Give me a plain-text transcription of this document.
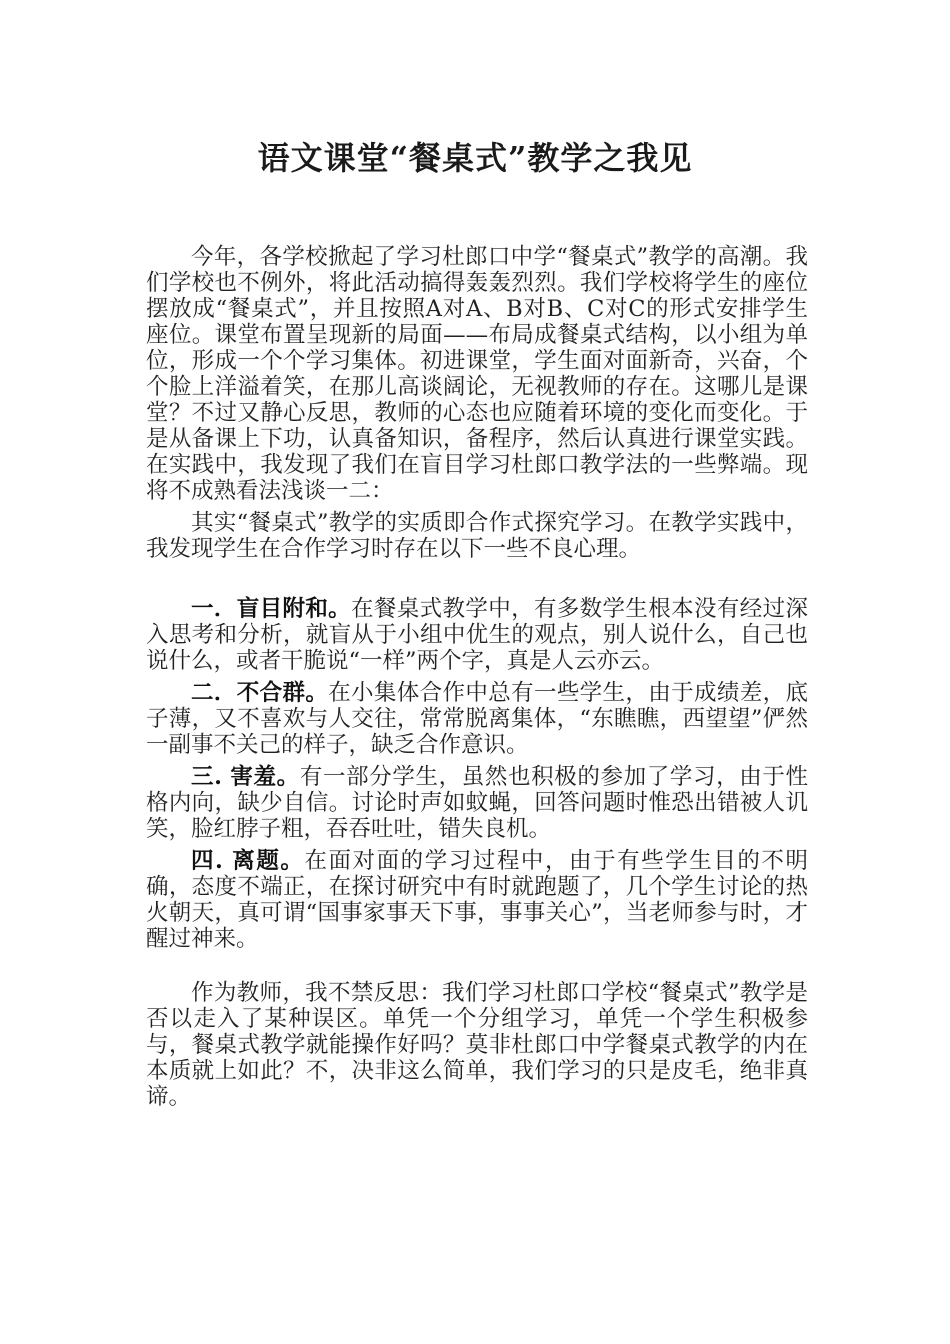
语文课堂“餐桌式”教学之我见

今年，各学校掀起了学习杜郎口中学“餐桌式”教学的高潮。我们学校也不例外，将此活动搞得轰轰烈烈。我们学校将学生的座位摆放成“餐桌式”，并且按照A对A、B对B、C对C的形式安排学生座位。课堂布置呈现新的局面——布局成餐桌式结构，以小组为单位，形成一个个学习集体。初进课堂，学生面对面新奇，兴奋，个个脸上洋溢着笑，在那儿高谈阔论，无视教师的存在。这哪儿是课堂？不过又静心反思，教师的心态也应随着环境的变化而变化。于是从备课上下功，认真备知识，备程序，然后认真进行课堂实践。在实践中，我发现了我们在盲目学习杜郎口教学法的一些弊端。现将不成熟看法浅谈一二：

其实“餐桌式”教学的实质即合作式探究学习。在教学实践中，我发现学生在合作学习时存在以下一些不良心理。

一．盲目附和。在餐桌式教学中，有多数学生根本没有经过深入思考和分析，就盲从于小组中优生的观点，别人说什么，自己也说什么，或者干脆说“一样”两个字，真是人云亦云。

二．不合群。在小集体合作中总有一些学生，由于成绩差，底子薄，又不喜欢与人交往，常常脱离集体，“东瞧瞧，西望望”俨然一副事不关己的样子，缺乏合作意识。

三. 害羞。有一部分学生，虽然也积极的参加了学习，由于性格内向，缺少自信。讨论时声如蚊蝇，回答问题时惟恐出错被人讥笑，脸红脖子粗，吞吞吐吐，错失良机。

四. 离题。在面对面的学习过程中，由于有些学生目的不明确，态度不端正，在探讨研究中有时就跑题了，几个学生讨论的热火朝天，真可谓“国事家事天下事，事事关心”，当老师参与时，才醒过神来。

作为教师，我不禁反思：我们学习杜郎口学校“餐桌式”教学是否以走入了某种误区。单凭一个分组学习，单凭一个学生积极参与，餐桌式教学就能操作好吗？莫非杜郎口中学餐桌式教学的内在本质就上如此？不，决非这么简单，我们学习的只是皮毛，绝非真谛。
